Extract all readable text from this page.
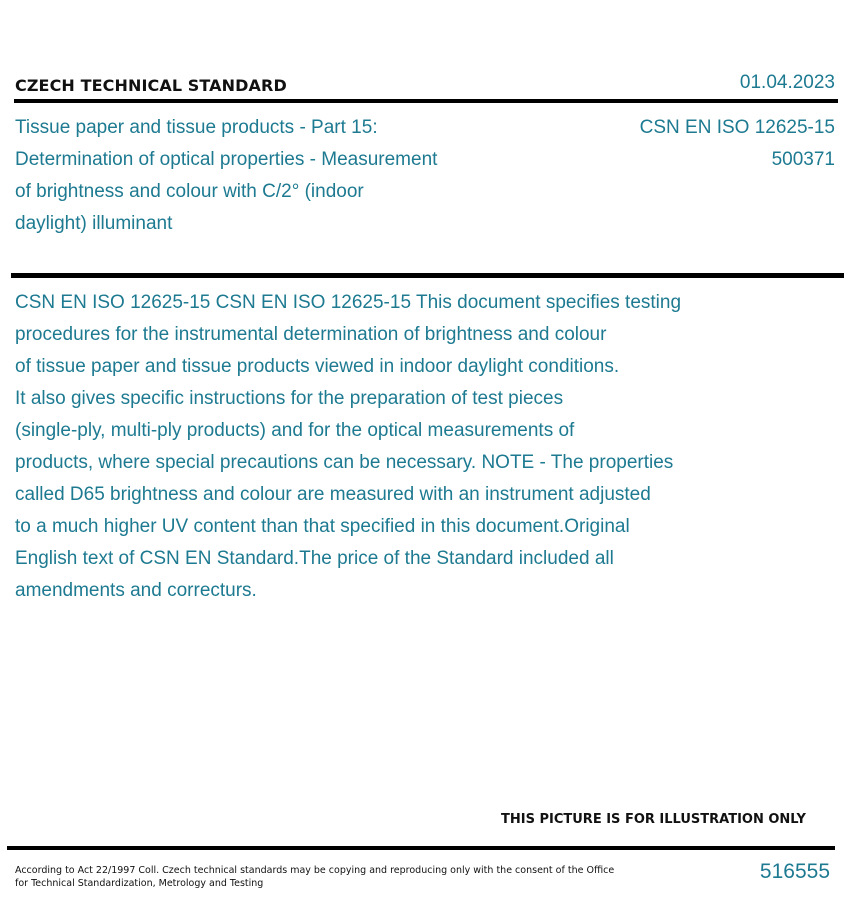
CZECH TECHNICAL STANDARD	01.04.2023
Tissue paper and tissue products - Part 15:
Determination of optical properties - Measurement
of brightness and colour with C/2° (indoor
daylight) illuminant
CSN EN ISO 12625-15
500371
CSN EN ISO 12625-15 CSN EN ISO 12625-15 This document specifies testing
procedures for the instrumental determination of brightness and colour
of tissue paper and tissue products viewed in indoor daylight conditions.
It also gives specific instructions for the preparation of test pieces
(single-ply, multi-ply products) and for the optical measurements of
products, where special precautions can be necessary. NOTE - The properties
called D65 brightness and colour are measured with an instrument adjusted
to a much higher UV content than that specified in this document.Original
English text of CSN EN Standard.The price of the Standard included all
amendments and correcturs.
THIS PICTURE IS FOR ILLUSTRATION ONLY
According to Act 22/1997 Coll. Czech technical standards may be copying and reproducing only with the consent of the Office
for Technical Standardization, Metrology and Testing
516555
